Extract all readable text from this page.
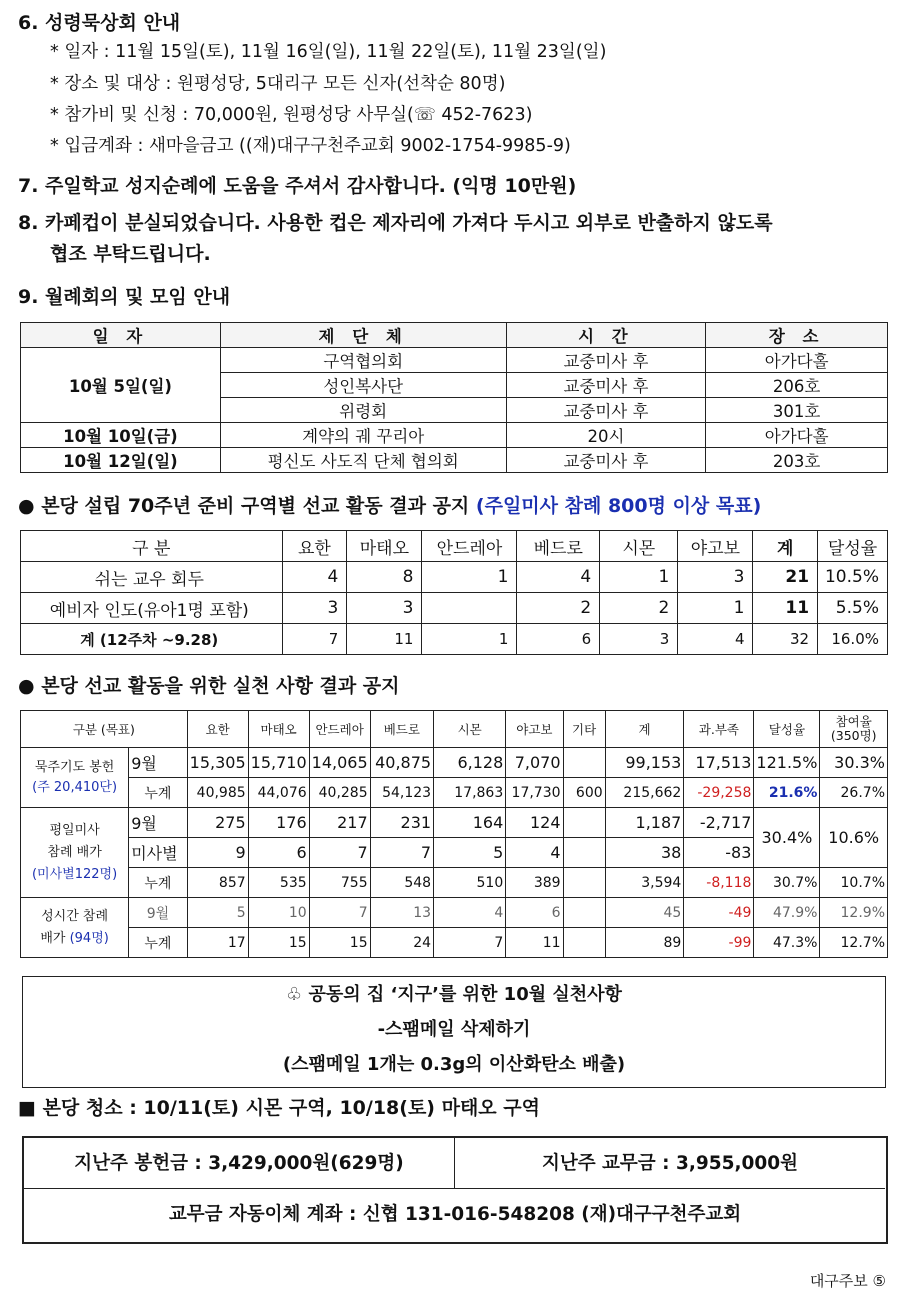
6. 성령묵상회 안내
* 일자 : 11월 15일(토), 11월 16일(일), 11월 22일(토), 11월 23일(일)
* 장소 및 대상 : 원평성당, 5대리구 모든 신자(선착순 80명)
* 참가비 및 신청 : 70,000원, 원평성당 사무실(☏ 452-7623)
* 입금계좌 : 새마을금고 ((재)대구구천주교회 9002-1754-9985-9)
7. 주일학교 성지순례에 도움을 주셔서 감사합니다. (익명 10만원)
8. 카페컵이 분실되었습니다. 사용한 컵은 제자리에 가져다 두시고 외부로 반출하지 않도록
협조 부탁드립니다.
9. 월례회의 및 모임 안내
일 자	제 단 체	시 간	장 소
10월 5일(일)	구역협의회	교중미사 후	아가다홀
	성인복사단	교중미사 후	206호
	위령회	교중미사 후	301호
10월 10일(금)	계약의 궤 꾸리아	20시	아가다홀
10월 12일(일)	평신도 사도직 단체 협의회	교중미사 후	203호
● 본당 설립 70주년 준비 구역별 선교 활동 결과 공지 (주일미사 참례 800명 이상 목표)
구 분	요한	마태오	안드레아	베드로	시몬	야고보	계	달성율
쉬는 교우 회두	4	8	1	4	1	3	21	10.5%
예비자 인도(유아1명 포함)	3	3		2	2	1	11	5.5%
계 (12주차 ~9.28)	7	11	1	6	3	4	32	16.0%
● 본당 선교 활동을 위한 실천 사항 결과 공지
구분 (목표)		요한	마태오	안드레아	베드로	시몬	야고보	기타	계	과.부족	달성율	참여율
(350명)
묵주기도 봉헌
(주 20,410단)	9월	15,305	15,710	14,065	40,875	6,128	7,070		99,153	17,513	121.5%	30.3%
	누계	40,985	44,076	40,285	54,123	17,863	17,730	600	215,662	-29,258	21.6%	26.7%
평일미사
참례 배가
(미사별122명)	9월	275	176	217	231	164	124		1,187	-2,717	30.4%	10.6%
	미사별	9	6	7	7	5	4		38	-83		
	누계	857	535	755	548	510	389		3,594	-8,118	30.7%	10.7%
성시간 참례
배가 (94명)	9월	5	10	7	13	4	6		45	-49	47.9%	12.9%
	누계	17	15	15	24	7	11		89	-99	47.3%	12.7%
♧ 공동의 집 ‘지구’를 위한 10월 실천사항
-스팸메일 삭제하기
(스팸메일 1개는 0.3g의 이산화탄소 배출)
■ 본당 청소 : 10/11(토) 시몬 구역, 10/18(토) 마태오 구역
지난주 봉헌금 : 3,429,000원(629명)	지난주 교무금 : 3,955,000원
교무금 자동이체 계좌 : 신협 131-016-548208 (재)대구구천주교회
대구주보 ⑤
